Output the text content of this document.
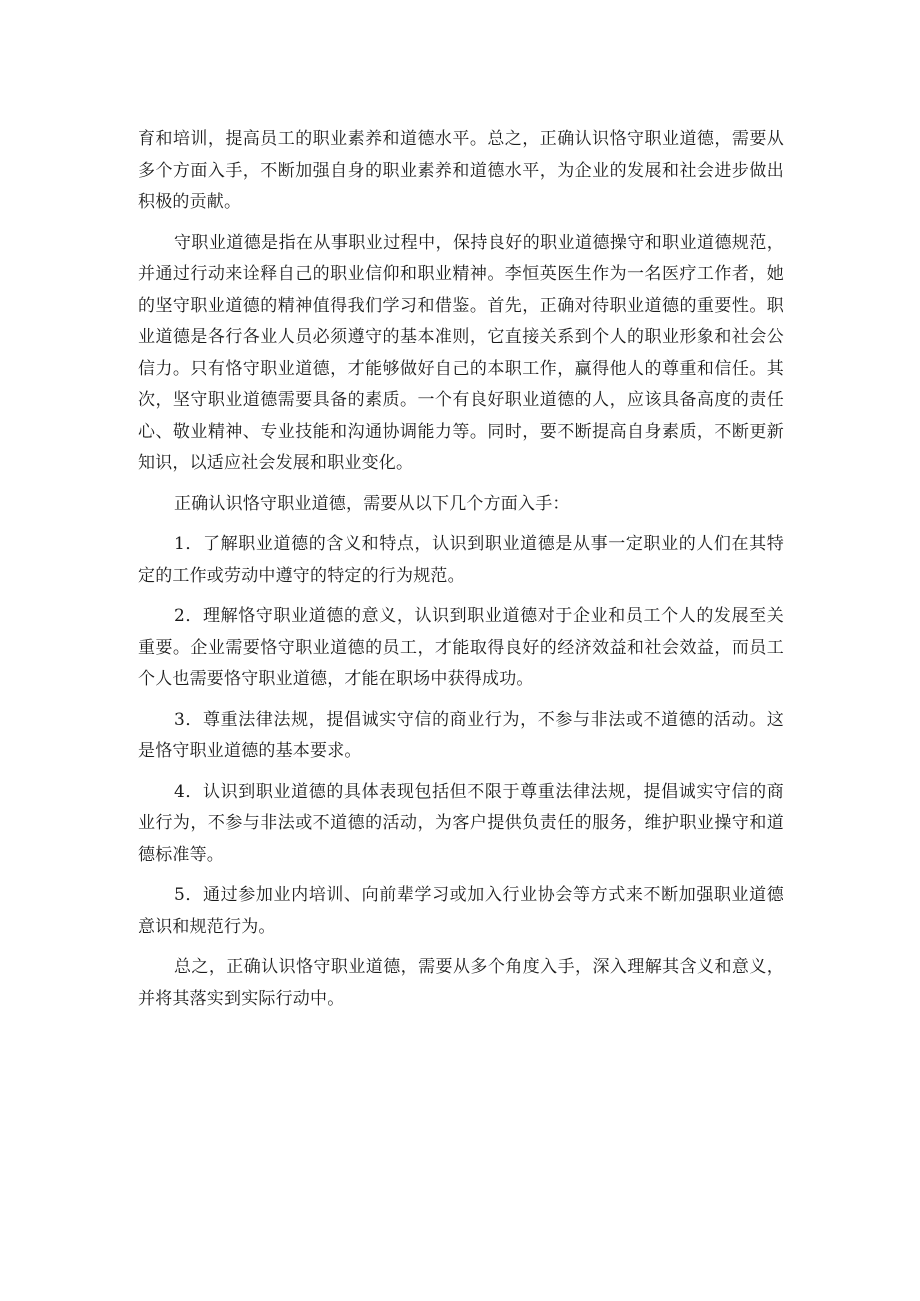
育和培训，提高员工的职业素养和道德水平。总之，正确认识恪守职业道德，需要从多个方面入手，不断加强自身的职业素养和道德水平，为企业的发展和社会进步做出积极的贡献。

守职业道德是指在从事职业过程中，保持良好的职业道德操守和职业道德规范，并通过行动来诠释自己的职业信仰和职业精神。李恒英医生作为一名医疗工作者，她的坚守职业道德的精神值得我们学习和借鉴。首先，正确对待职业道德的重要性。职业道德是各行各业人员必须遵守的基本准则，它直接关系到个人的职业形象和社会公信力。只有恪守职业道德，才能够做好自己的本职工作，赢得他人的尊重和信任。其次，坚守职业道德需要具备的素质。一个有良好职业道德的人，应该具备高度的责任心、敬业精神、专业技能和沟通协调能力等。同时，要不断提高自身素质，不断更新知识，以适应社会发展和职业变化。

正确认识恪守职业道德，需要从以下几个方面入手：

1．了解职业道德的含义和特点，认识到职业道德是从事一定职业的人们在其特定的工作或劳动中遵守的特定的行为规范。

2．理解恪守职业道德的意义，认识到职业道德对于企业和员工个人的发展至关重要。企业需要恪守职业道德的员工，才能取得良好的经济效益和社会效益，而员工个人也需要恪守职业道德，才能在职场中获得成功。

3．尊重法律法规，提倡诚实守信的商业行为，不参与非法或不道德的活动。这是恪守职业道德的基本要求。

4．认识到职业道德的具体表现包括但不限于尊重法律法规，提倡诚实守信的商业行为，不参与非法或不道德的活动，为客户提供负责任的服务，维护职业操守和道德标准等。

5．通过参加业内培训、向前辈学习或加入行业协会等方式来不断加强职业道德意识和规范行为。

总之，正确认识恪守职业道德，需要从多个角度入手，深入理解其含义和意义，并将其落实到实际行动中。
